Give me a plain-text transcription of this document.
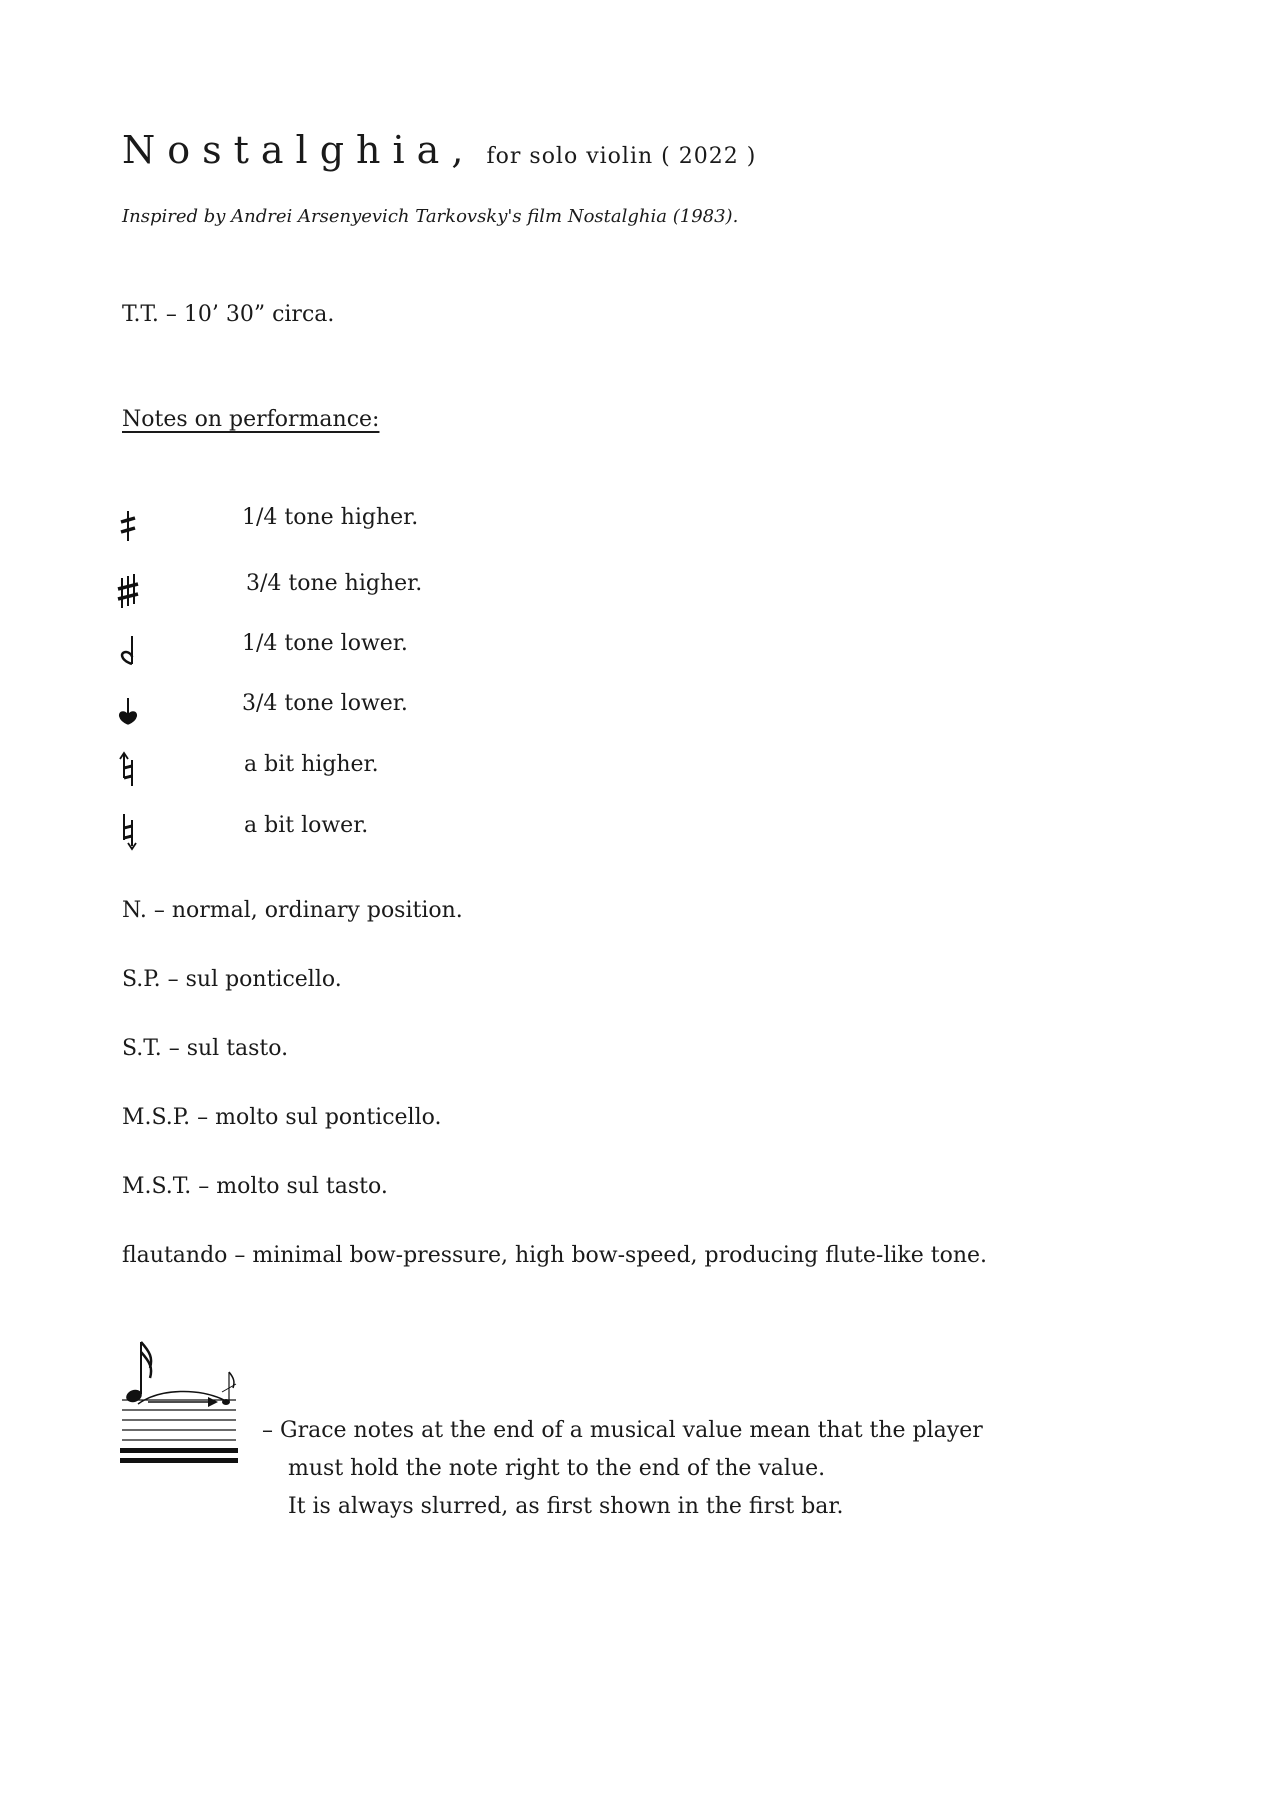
Nostalghia, for solo violin ( 2022 )
Inspired by Andrei Arsenyevich Tarkovsky's film Nostalghia (1983).
T.T. – 10’ 30” circa.
Notes on performance:
1/4 tone higher.
3/4 tone higher.
1/4 tone lower.
3/4 tone lower.
a bit higher.
a bit lower.
N. – normal, ordinary position.
S.P. – sul ponticello.
S.T. – sul tasto.
M.S.P. – molto sul ponticello.
M.S.T. – molto sul tasto.
flautando – minimal bow-pressure, high bow-speed, producing flute-like tone.
– Grace notes at the end of a musical value mean that the player
must hold the note right to the end of the value.
It is always slurred, as first shown in the first bar.
